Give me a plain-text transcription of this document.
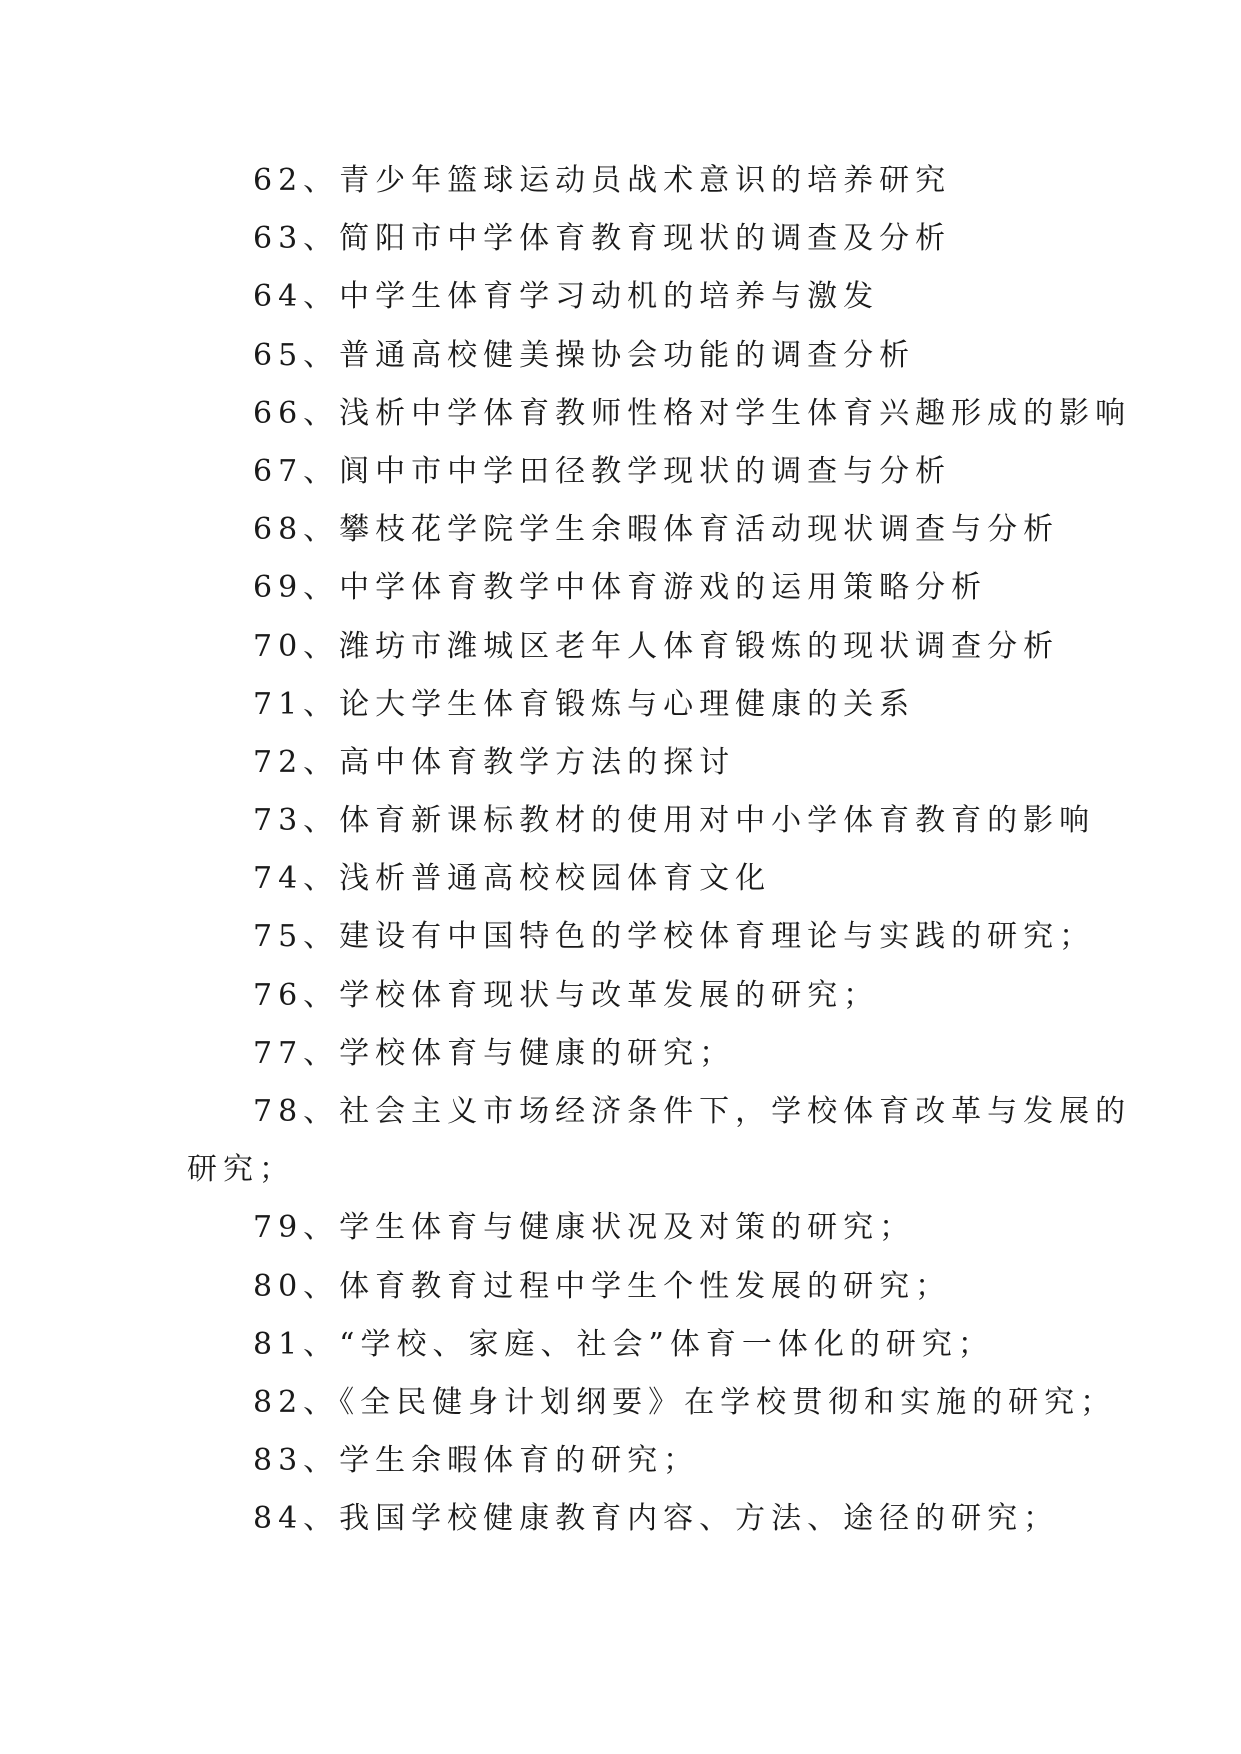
62、青少年篮球运动员战术意识的培养研究
63、简阳市中学体育教育现状的调查及分析
64、中学生体育学习动机的培养与激发
65、普通高校健美操协会功能的调查分析
66、浅析中学体育教师性格对学生体育兴趣形成的影响
67、阆中市中学田径教学现状的调查与分析
68、攀枝花学院学生余暇体育活动现状调查与分析
69、中学体育教学中体育游戏的运用策略分析
70、潍坊市潍城区老年人体育锻炼的现状调查分析
71、论大学生体育锻炼与心理健康的关系
72、高中体育教学方法的探讨
73、体育新课标教材的使用对中小学体育教育的影响
74、浅析普通高校校园体育文化
75、建设有中国特色的学校体育理论与实践的研究；
76、学校体育现状与改革发展的研究；
77、学校体育与健康的研究；
78、社会主义市场经济条件下，学校体育改革与发展的
研究；
79、学生体育与健康状况及对策的研究；
80、体育教育过程中学生个性发展的研究；
81、“学校、家庭、社会”体育一体化的研究；
82、《全民健身计划纲要》在学校贯彻和实施的研究；
83、学生余暇体育的研究；
84、我国学校健康教育内容、方法、途径的研究；
